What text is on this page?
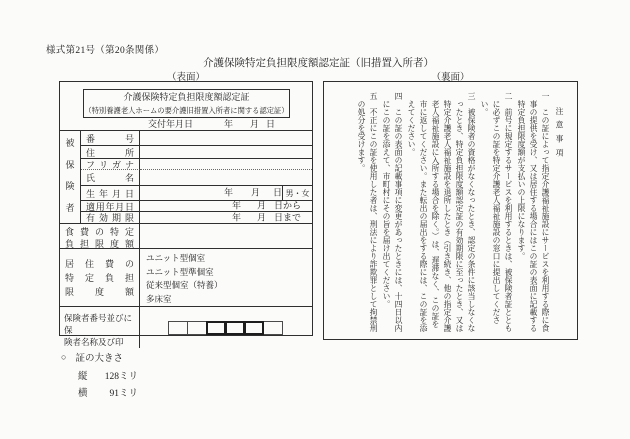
様式第21号（第20条関係）
介護保険特定負担限度額認定証（旧措置入所者）
（表面）	（裏面）
介護保険特定負担限度額認定証
（特別養護老人ホームの要介護旧措置入所者に関する認定証）
交付年月日	年 月 日
被
保
険
者
番	号
住	所
フ リ ガ ナ
氏	名
生 年 月 日	年 月 日 男・女
適 用 年 月 日	年 月 日から
有 効 期 限	年 月 日まで
食 費 の 特 定
負 担 限 度 額
居 住 費 の
特 定 負 担
限 度 額
ユニット型個室
ユニット型準個室
従来型個室（特養）
多床室
保険者番号並びに保
険者名称及び印
注意事項
一　この証によって指定介護福祉施設にサービスを利用する際に食事の提供を受け、又は居住する場合にはこの証の表面に記載する特定負担限度額が支払いの上限になります。
二　前号に規定するサービスを利用するときは、被保険者証とともに必ずこの証を特定介護老人福祉施設の窓口に提出してください。
三　被保険者の資格がなくなったとき、認定の条件に該当しなくなったとき、特定負担限度額認定証の有効期限に至ったとき、又は特定介護老人福祉施設を退所したとき（引き続き、他の指定介護老人福祉施設に入所する場合を除く。）は、遅滞なく、この証を市に返してください。また転出の届出をする際には、この証を添えてください。
四　この証の表面の記載事項に変更があったときには、十四日以内にこの証を添えて、市町村にその旨を届け出てください。
五　不正にこの証を使用した者は、刑法により詐欺罪として拘禁刑の処分を受けます。
○ 証の大きさ
縦	128ミリ
横	91ミリ
